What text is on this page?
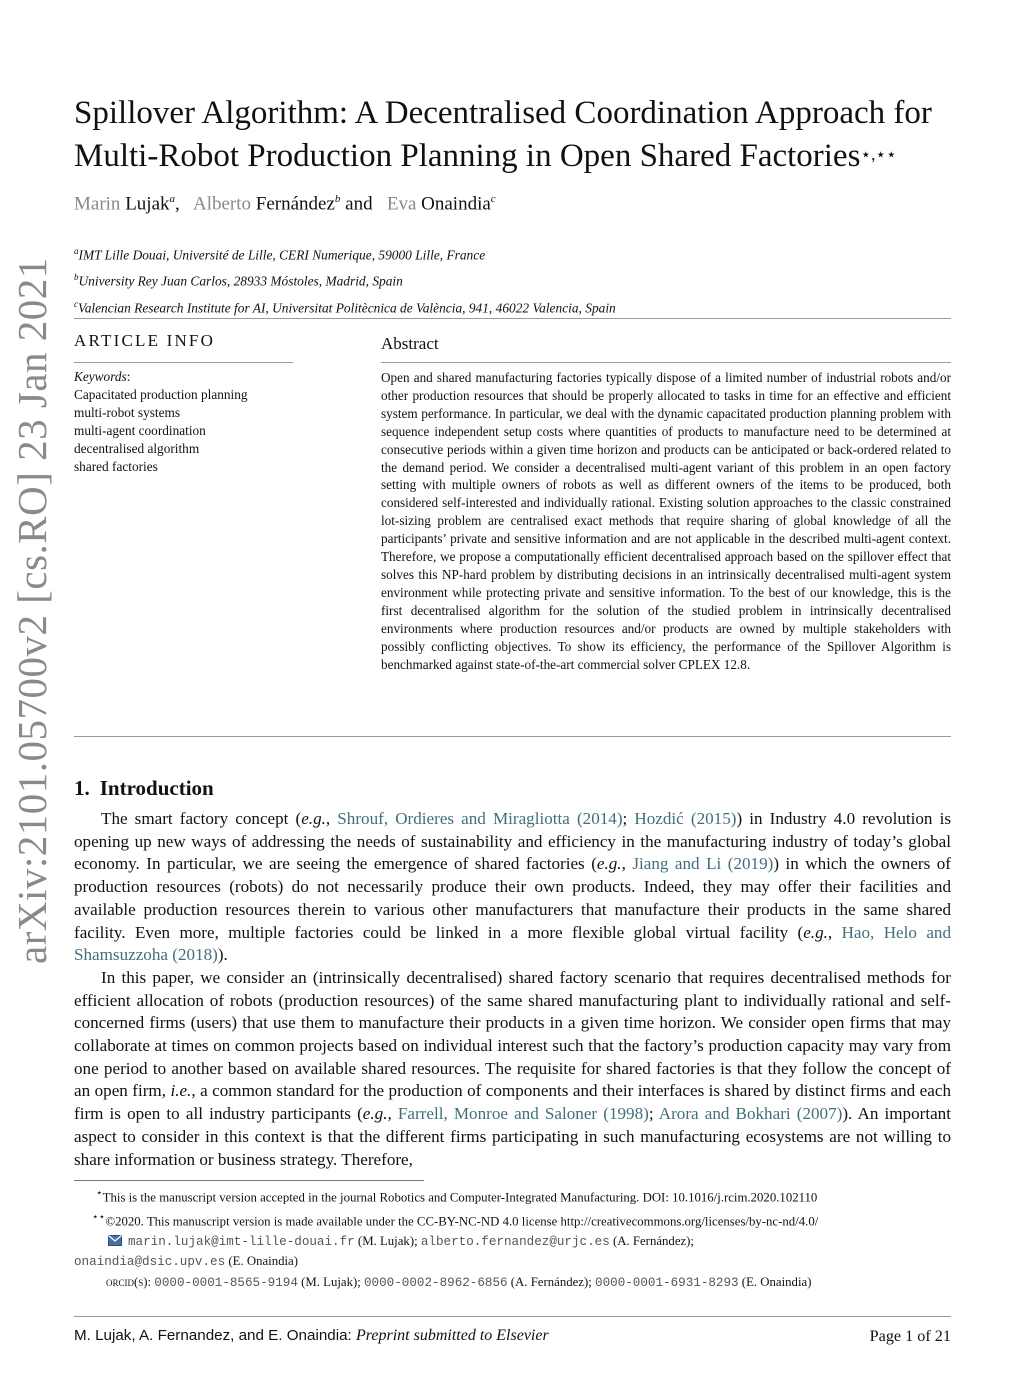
arXiv:2101.05700v2 [cs.RO] 23 Jan 2021
Spillover Algorithm: A Decentralised Coordination Approach for
Multi-Robot Production Planning in Open Shared Factories⋆,⋆⋆
Marin Lujak$^a$,   Alberto Fernández$^b$ and   Eva Onaindia$^c$
$^a$IMT Lille Douai, Université de Lille, CERI Numerique, 59000 Lille, France
$^b$University Rey Juan Carlos, 28933 Móstoles, Madrid, Spain
$^c$Valencian Research Institute for AI, Universitat Politècnica de València, 941, 46022 Valencia, Spain
ARTICLE INFO
Keywords:
Capacitated production planning
multi-robot systems
multi-agent coordination
decentralised algorithm
shared factories
Abstract
Open and shared manufacturing factories typically dispose of a limited number of industrial robots and/or other production resources that should be properly allocated to tasks in time for an effective and efficient system performance. In particular, we deal with the dynamic capacitated production planning problem with sequence independent setup costs where quantities of products to manufacture need to be determined at consecutive periods within a given time horizon and products can be anticipated or back-ordered related to the demand period. We consider a decentralised multi-agent variant of this problem in an open factory setting with multiple owners of robots as well as different owners of the items to be produced, both considered self-interested and individually rational. Existing solution approaches to the classic constrained lot-sizing problem are centralised exact methods that require sharing of global knowledge of all the participants’ private and sensitive information and are not applicable in the described multi-agent context. Therefore, we propose a computationally efficient decentralised approach based on the spillover effect that solves this NP-hard problem by distributing decisions in an intrinsically decentralised multi-agent system environment while protecting private and sensitive information. To the best of our knowledge, this is the first decentralised algorithm for the solution of the studied problem in intrinsically decentralised environments where production resources and/or products are owned by multiple stakeholders with possibly conflicting objectives. To show its efficiency, the performance of the Spillover Algorithm is benchmarked against state-of-the-art commercial solver CPLEX 12.8.
1. Introduction

The smart factory concept (e.g., Shrouf, Ordieres and Miragliotta (2014); Hozdić (2015)) in Industry 4.0 revolution is opening up new ways of addressing the needs of sustainability and efficiency in the manufacturing industry of today’s global economy. In particular, we are seeing the emergence of shared factories (e.g., Jiang and Li (2019)) in which the owners of production resources (robots) do not necessarily produce their own products. Indeed, they may offer their facilities and available production resources therein to various other manufacturers that manufacture their products in the same shared facility. Even more, multiple factories could be linked in a more flexible global virtual facility (e.g., Hao, Helo and Shamsuzzoha (2018)).

In this paper, we consider an (intrinsically decentralised) shared factory scenario that requires decentralised methods for efficient allocation of robots (production resources) of the same shared manufacturing plant to individually rational and self-concerned firms (users) that use them to manufacture their products in a given time horizon. We consider open firms that may collaborate at times on common projects based on individual interest such that the factory’s production capacity may vary from one period to another based on available shared resources. The requisite for shared factories is that they follow the concept of an open firm, i.e., a common standard for the production of components and their interfaces is shared by distinct firms and each firm is open to all industry participants (e.g., Farrell, Monroe and Saloner (1998); Arora and Bokhari (2007)). An important aspect to consider in this context is that the different firms participating in such manufacturing ecosystems are not willing to share information or business strategy. Therefore,

⋆This is the manuscript version accepted in the journal Robotics and Computer-Integrated Manufacturing. DOI: 10.1016/j.rcim.2020.102110
⋆⋆©2020. This manuscript version is made available under the CC-BY-NC-ND 4.0 license http://creativecommons.org/licenses/by-nc-nd/4.0/
marin.lujak@imt-lille-douai.fr (M. Lujak); alberto.fernandez@urjc.es (A. Fernández);
onaindia@dsic.upv.es (E. Onaindia)
orcid(s): 0000-0001-8565-9194 (M. Lujak); 0000-0002-8962-6856 (A. Fernández); 0000-0001-6931-8293 (E. Onaindia)
M. Lujak, A. Fernandez, and E. Onaindia: Preprint submitted to Elsevier	Page 1 of 21
